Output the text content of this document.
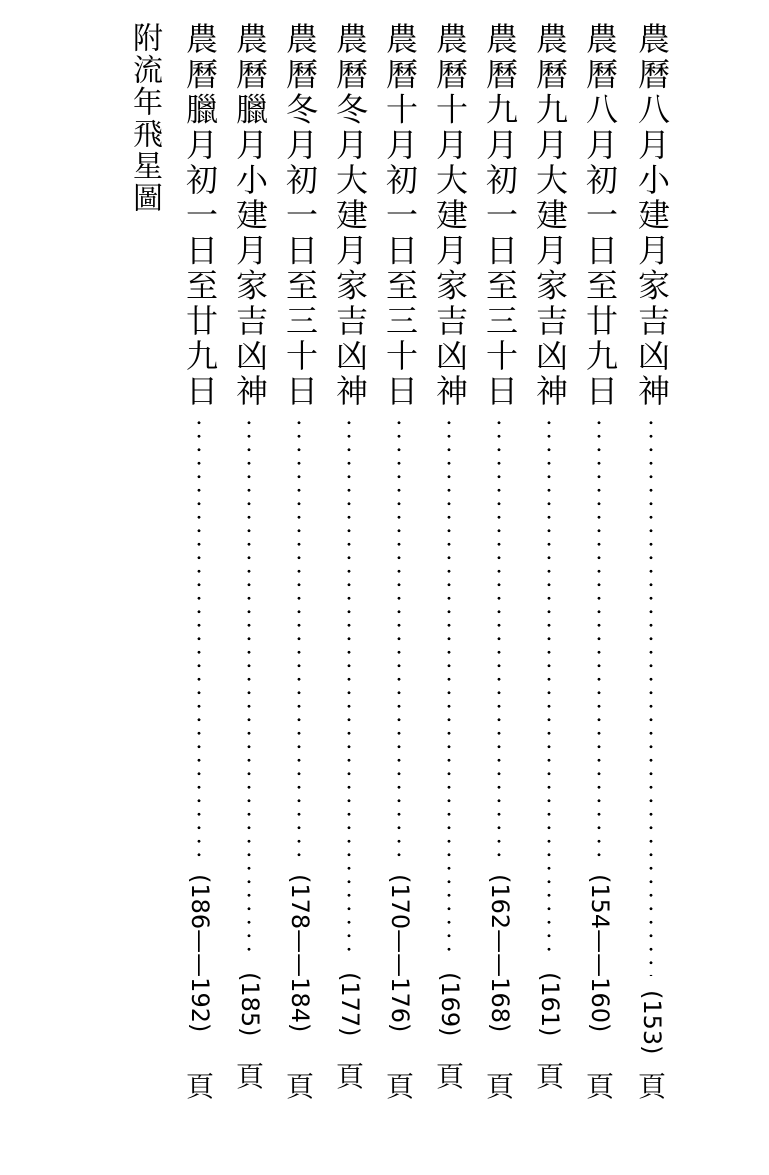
農曆八月小建月家吉凶神
(153)
頁
農曆八月初一日至廿九日
(154——160)
頁
農曆九月大建月家吉凶神
(161)
頁
農曆九月初一日至三十日
(162——168)
頁
農曆十月大建月家吉凶神
(169)
頁
農曆十月初一日至三十日
(170——176)
頁
農曆冬月大建月家吉凶神
(177)
頁
農曆冬月初一日至三十日
(178——184)
頁
農曆臘月小建月家吉凶神
(185)
頁
農曆臘月初一日至廿九日
(186——192)
頁
附流年飛星圖
